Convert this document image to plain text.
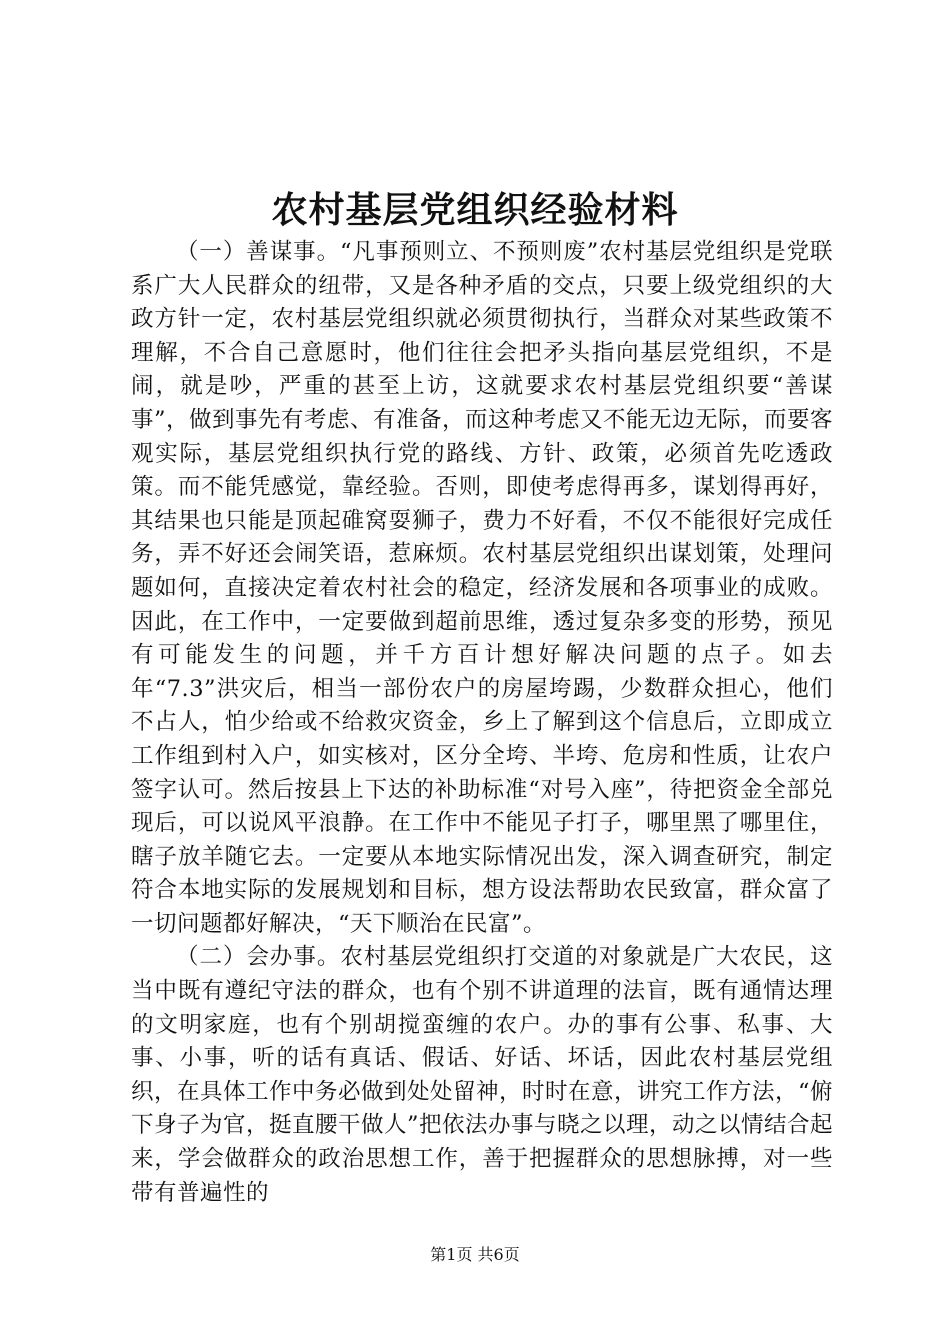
农村基层党组织经验材料

（一）善谋事。“凡事预则立、不预则废”农村基层党组织是党联系广大人民群众的纽带，又是各种矛盾的交点，只要上级党组织的大政方针一定，农村基层党组织就必须贯彻执行，当群众对某些政策不理解，不合自己意愿时，他们往往会把矛头指向基层党组织，不是闹，就是吵，严重的甚至上访，这就要求农村基层党组织要“善谋事”，做到事先有考虑、有准备，而这种考虑又不能无边无际，而要客观实际，基层党组织执行党的路线、方针、政策，必须首先吃透政策。而不能凭感觉，靠经验。否则，即使考虑得再多，谋划得再好，其结果也只能是顶起碓窝耍狮子，费力不好看，不仅不能很好完成任务，弄不好还会闹笑语，惹麻烦。农村基层党组织出谋划策，处理问题如何，直接决定着农村社会的稳定，经济发展和各项事业的成败。因此，在工作中，一定要做到超前思维，透过复杂多变的形势，预见有可能发生的问题，并千方百计想好解决问题的点子。如去年“7.3”洪灾后，相当一部份农户的房屋垮踢，少数群众担心，他们不占人，怕少给或不给救灾资金，乡上了解到这个信息后，立即成立工作组到村入户，如实核对，区分全垮、半垮、危房和性质，让农户签字认可。然后按县上下达的补助标准“对号入座”，待把资金全部兑现后，可以说风平浪静。在工作中不能见子打子，哪里黑了哪里住，瞎子放羊随它去。一定要从本地实际情况出发，深入调查研究，制定符合本地实际的发展规划和目标，想方设法帮助农民致富，群众富了一切问题都好解决，“天下顺治在民富”。

（二）会办事。农村基层党组织打交道的对象就是广大农民，这当中既有遵纪守法的群众，也有个别不讲道理的法盲，既有通情达理的文明家庭，也有个别胡搅蛮缠的农户。办的事有公事、私事、大事、小事，听的话有真话、假话、好话、坏话，因此农村基层党组织，在具体工作中务必做到处处留神，时时在意，讲究工作方法，“俯下身子为官，挺直腰干做人”把依法办事与晓之以理，动之以情结合起来，学会做群众的政治思想工作，善于把握群众的思想脉搏，对一些带有普遍性的

第1页 共6页
